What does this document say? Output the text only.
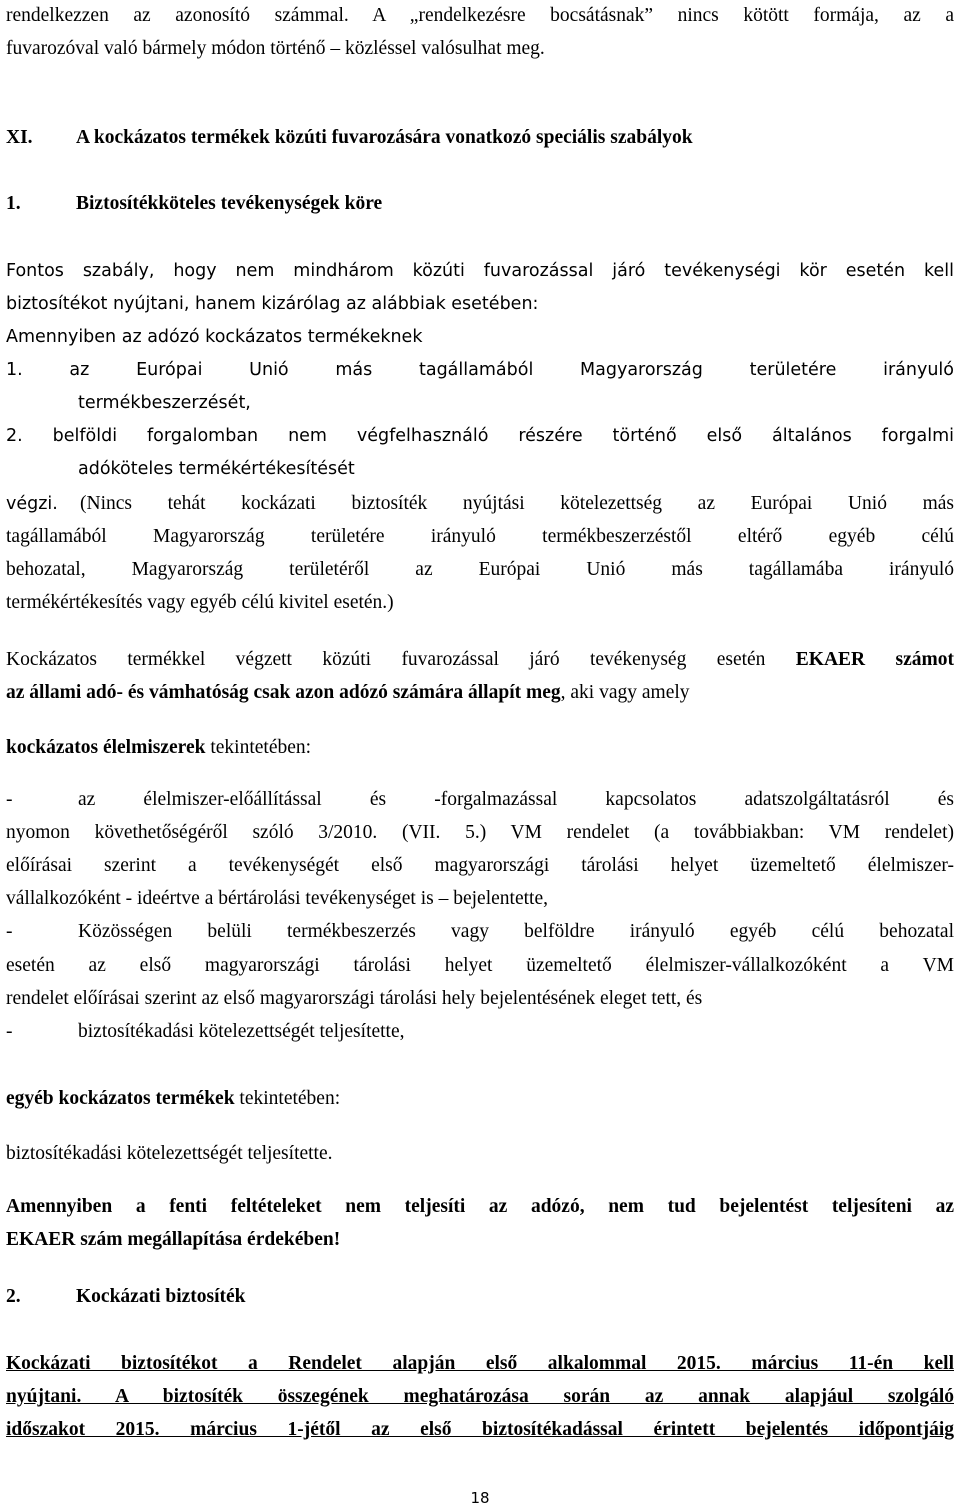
rendelkezzen az azonosító számmal. A „rendelkezésre bocsátásnak” nincs kötött formája, az a
fuvarozóval való bármely módon történő – közléssel valósulhat meg.
XI. A kockázatos termékek közúti fuvarozására vonatkozó speciális szabályok
1.	Biztosítékköteles tevékenységek köre
Fontos szabály, hogy nem mindhárom közúti fuvarozással járó tevékenységi kör esetén kell
biztosítékot nyújtani, hanem kizárólag az alábbiak esetében:
Amennyiben az adózó kockázatos termékeknek
1. az Európai Unió más tagállamából Magyarország területére irányuló
termékbeszerzését,
2. belföldi forgalomban nem végfelhasználó részére történő első általános forgalmi
adóköteles termékértékesítését
végzi.	(Nincs tehát kockázati biztosíték nyújtási kötelezettség az Európai Unió más
tagállamából Magyarország területére irányuló termékbeszerzéstől eltérő egyéb célú
behozatal, Magyarország területéről az Európai Unió más tagállamába irányuló
termékértékesítés vagy egyéb célú kivitel esetén.)
Kockázatos termékkel végzett közúti fuvarozással járó tevékenység esetén EKAER számot
az állami adó- és vámhatóság csak azon adózó számára állapít meg, aki vagy amely
kockázatos élelmiszerek tekintetében:
-	az élelmiszer-előállítással és -forgalmazással kapcsolatos adatszolgáltatásról és
nyomon követhetőségéről szóló 3/2010. (VII. 5.) VM rendelet (a továbbiakban: VM rendelet)
előírásai szerint a tevékenységét első magyarországi tárolási helyet üzemeltető élelmiszer-
vállalkozóként - ideértve a bértárolási tevékenységet is – bejelentette,
-	Közösségen belüli termékbeszerzés vagy belföldre irányuló egyéb célú behozatal
esetén az első magyarországi tárolási helyet üzemeltető élelmiszer-vállalkozóként a VM
rendelet előírásai szerint az első magyarországi tárolási hely bejelentésének eleget tett, és
-	biztosítékadási kötelezettségét teljesítette,
egyéb kockázatos termékek tekintetében:
biztosítékadási kötelezettségét teljesítette.
Amennyiben a fenti feltételeket nem teljesíti az adózó, nem tud bejelentést teljesíteni az
EKAER szám megállapítása érdekében!
2.	Kockázati biztosíték
Kockázati biztosítékot a Rendelet alapján első alkalommal 2015. március 11-én kell
nyújtani. A biztosíték összegének meghatározása során az annak alapjául szolgáló
időszakot 2015. március 1-jétől az első biztosítékadással érintett bejelentés időpontjáig
18
